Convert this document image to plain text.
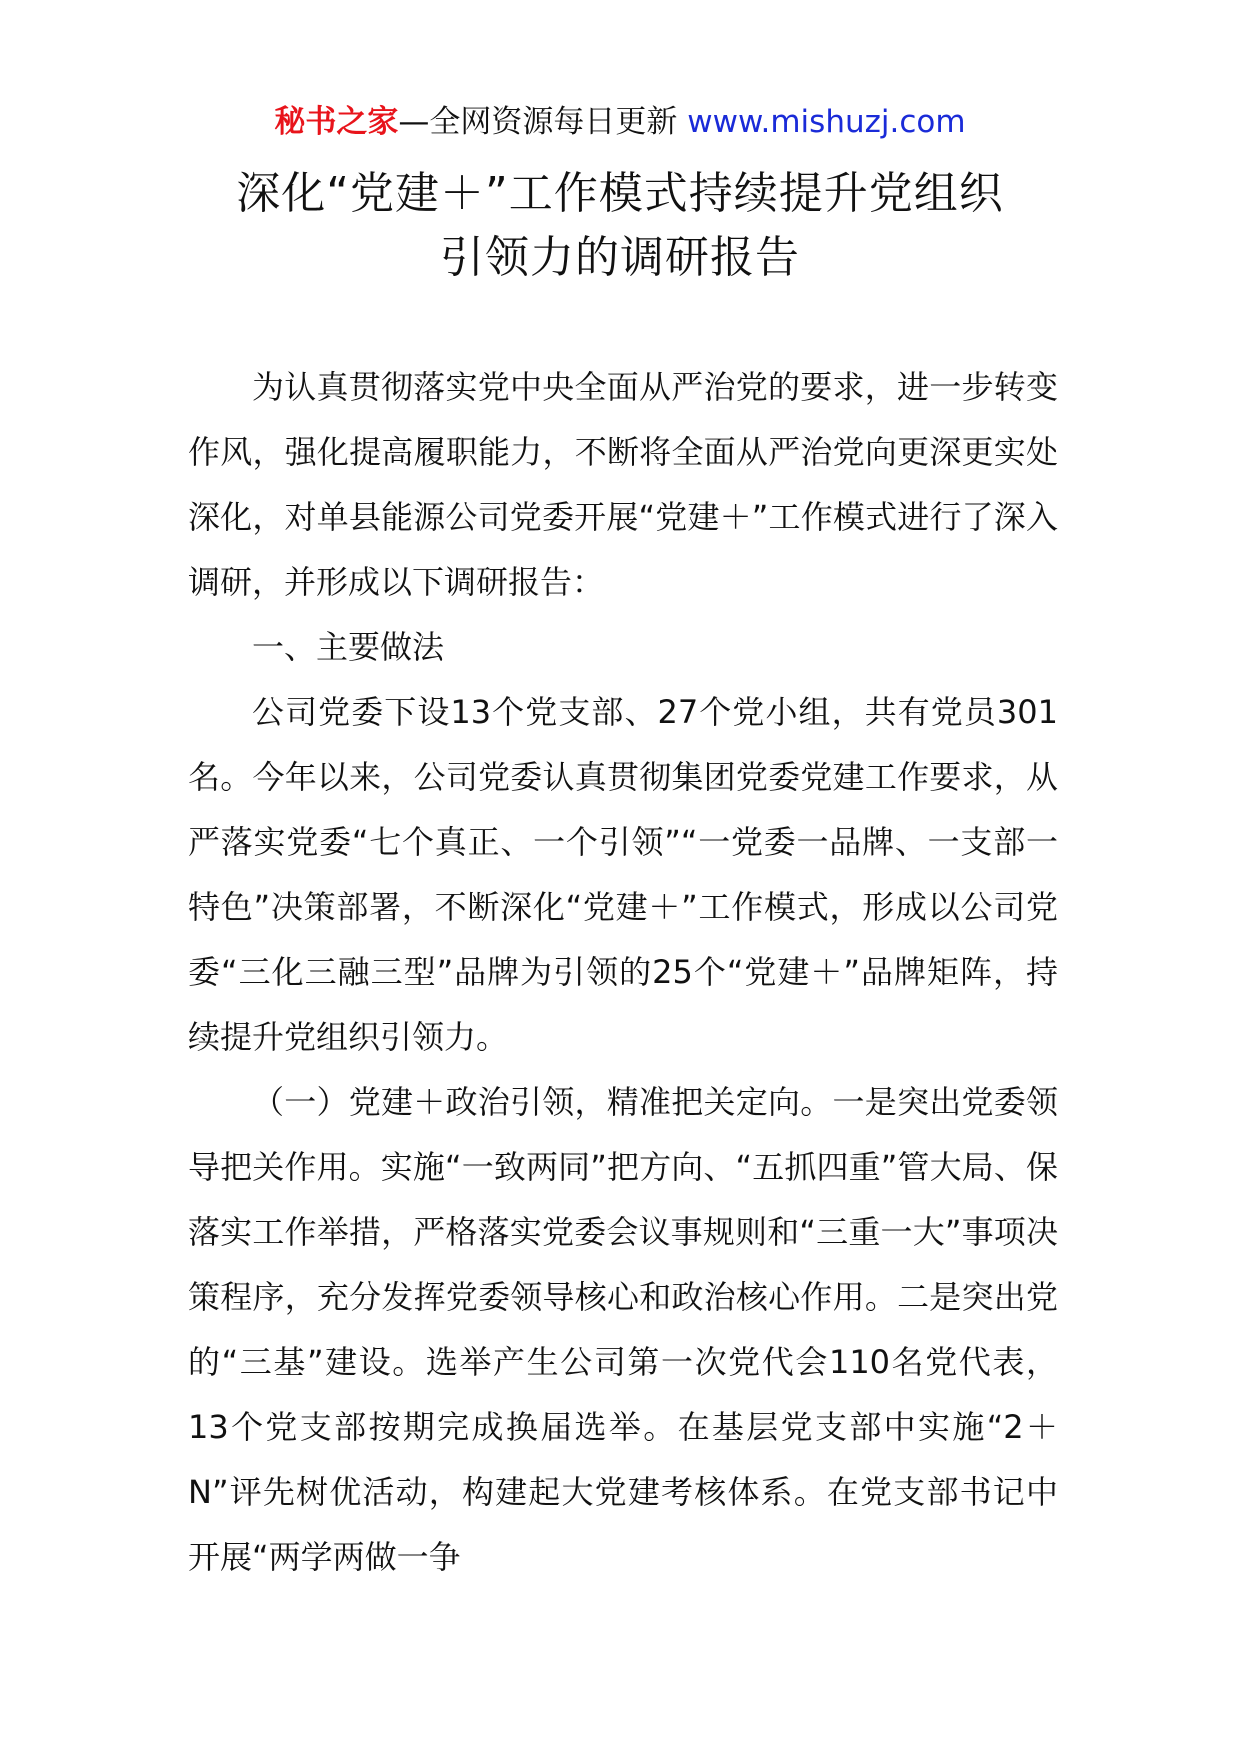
秘书之家—全网资源每日更新 www.mishuzj.com
深化“党建＋”工作模式持续提升党组织
引领力的调研报告

为认真贯彻落实党中央全面从严治党的要求，进一步转变作风，强化提高履职能力，不断将全面从严治党向更深更实处深化，对单县能源公司党委开展“党建＋”工作模式进行了深入调研，并形成以下调研报告：

一、主要做法

公司党委下设13个党支部、27个党小组，共有党员301名。今年以来，公司党委认真贯彻集团党委党建工作要求，从严落实党委“七个真正、一个引领”“一党委一品牌、一支部一特色”决策部署，不断深化“党建＋”工作模式，形成以公司党委“三化三融三型”品牌为引领的25个“党建＋”品牌矩阵，持续提升党组织引领力。

（一）党建＋政治引领，精准把关定向。一是突出党委领导把关作用。实施“一致两同”把方向、“五抓四重”管大局、保落实工作举措，严格落实党委会议事规则和“三重一大”事项决策程序，充分发挥党委领导核心和政治核心作用。二是突出党的“三基”建设。选举产生公司第一次党代会110名党代表，13个党支部按期完成换届选举。在基层党支部中实施“2＋N”评先树优活动，构建起大党建考核体系。在党支部书记中开展“两学两做一争
